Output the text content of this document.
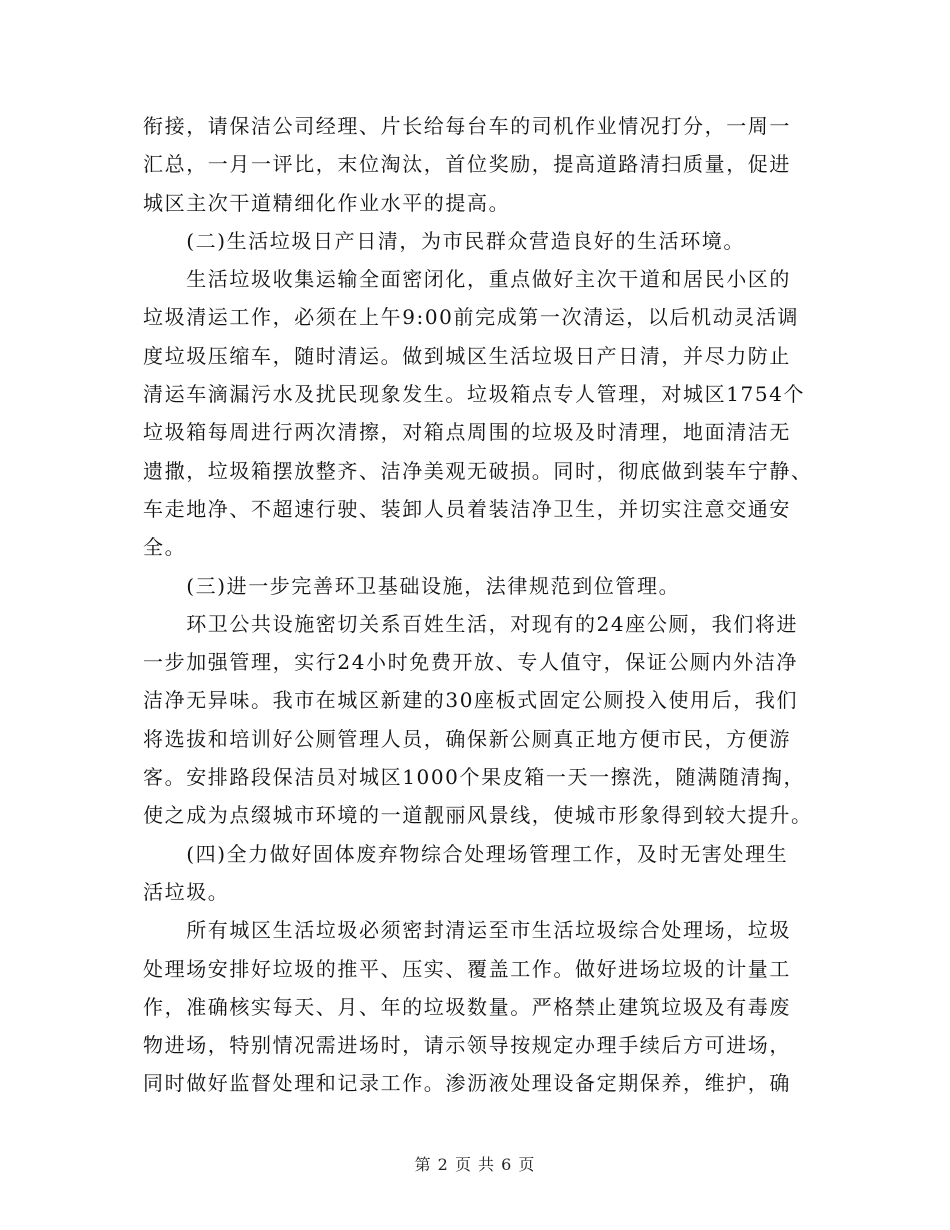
衔接，请保洁公司经理、片长给每台车的司机作业情况打分，一周一
汇总，一月一评比，末位淘汰，首位奖励，提高道路清扫质量，促进
城区主次干道精细化作业水平的提高。
　　(二)生活垃圾日产日清，为市民群众营造良好的生活环境。
　　生活垃圾收集运输全面密闭化，重点做好主次干道和居民小区的
垃圾清运工作，必须在上午9:00前完成第一次清运，以后机动灵活调
度垃圾压缩车，随时清运。做到城区生活垃圾日产日清，并尽力防止
清运车滴漏污水及扰民现象发生。垃圾箱点专人管理，对城区1754个
垃圾箱每周进行两次清擦，对箱点周围的垃圾及时清理，地面清洁无
遗撒，垃圾箱摆放整齐、洁净美观无破损。同时，彻底做到装车宁静、
车走地净、不超速行驶、装卸人员着装洁净卫生，并切实注意交通安
全。
　　(三)进一步完善环卫基础设施，法律规范到位管理。
　　环卫公共设施密切关系百姓生活，对现有的24座公厕，我们将进
一步加强管理，实行24小时免费开放、专人值守，保证公厕内外洁净
洁净无异味。我市在城区新建的30座板式固定公厕投入使用后，我们
将选拔和培训好公厕管理人员，确保新公厕真正地方便市民，方便游
客。安排路段保洁员对城区1000个果皮箱一天一擦洗，随满随清掏，
使之成为点缀城市环境的一道靓丽风景线，使城市形象得到较大提升。
　　(四)全力做好固体废弃物综合处理场管理工作，及时无害处理生
活垃圾。
　　所有城区生活垃圾必须密封清运至市生活垃圾综合处理场，垃圾
处理场安排好垃圾的推平、压实、覆盖工作。做好进场垃圾的计量工
作，准确核实每天、月、年的垃圾数量。严格禁止建筑垃圾及有毒废
物进场，特别情况需进场时，请示领导按规定办理手续后方可进场，
同时做好监督处理和记录工作。渗沥液处理设备定期保养，维护，确
第 2 页 共 6 页
